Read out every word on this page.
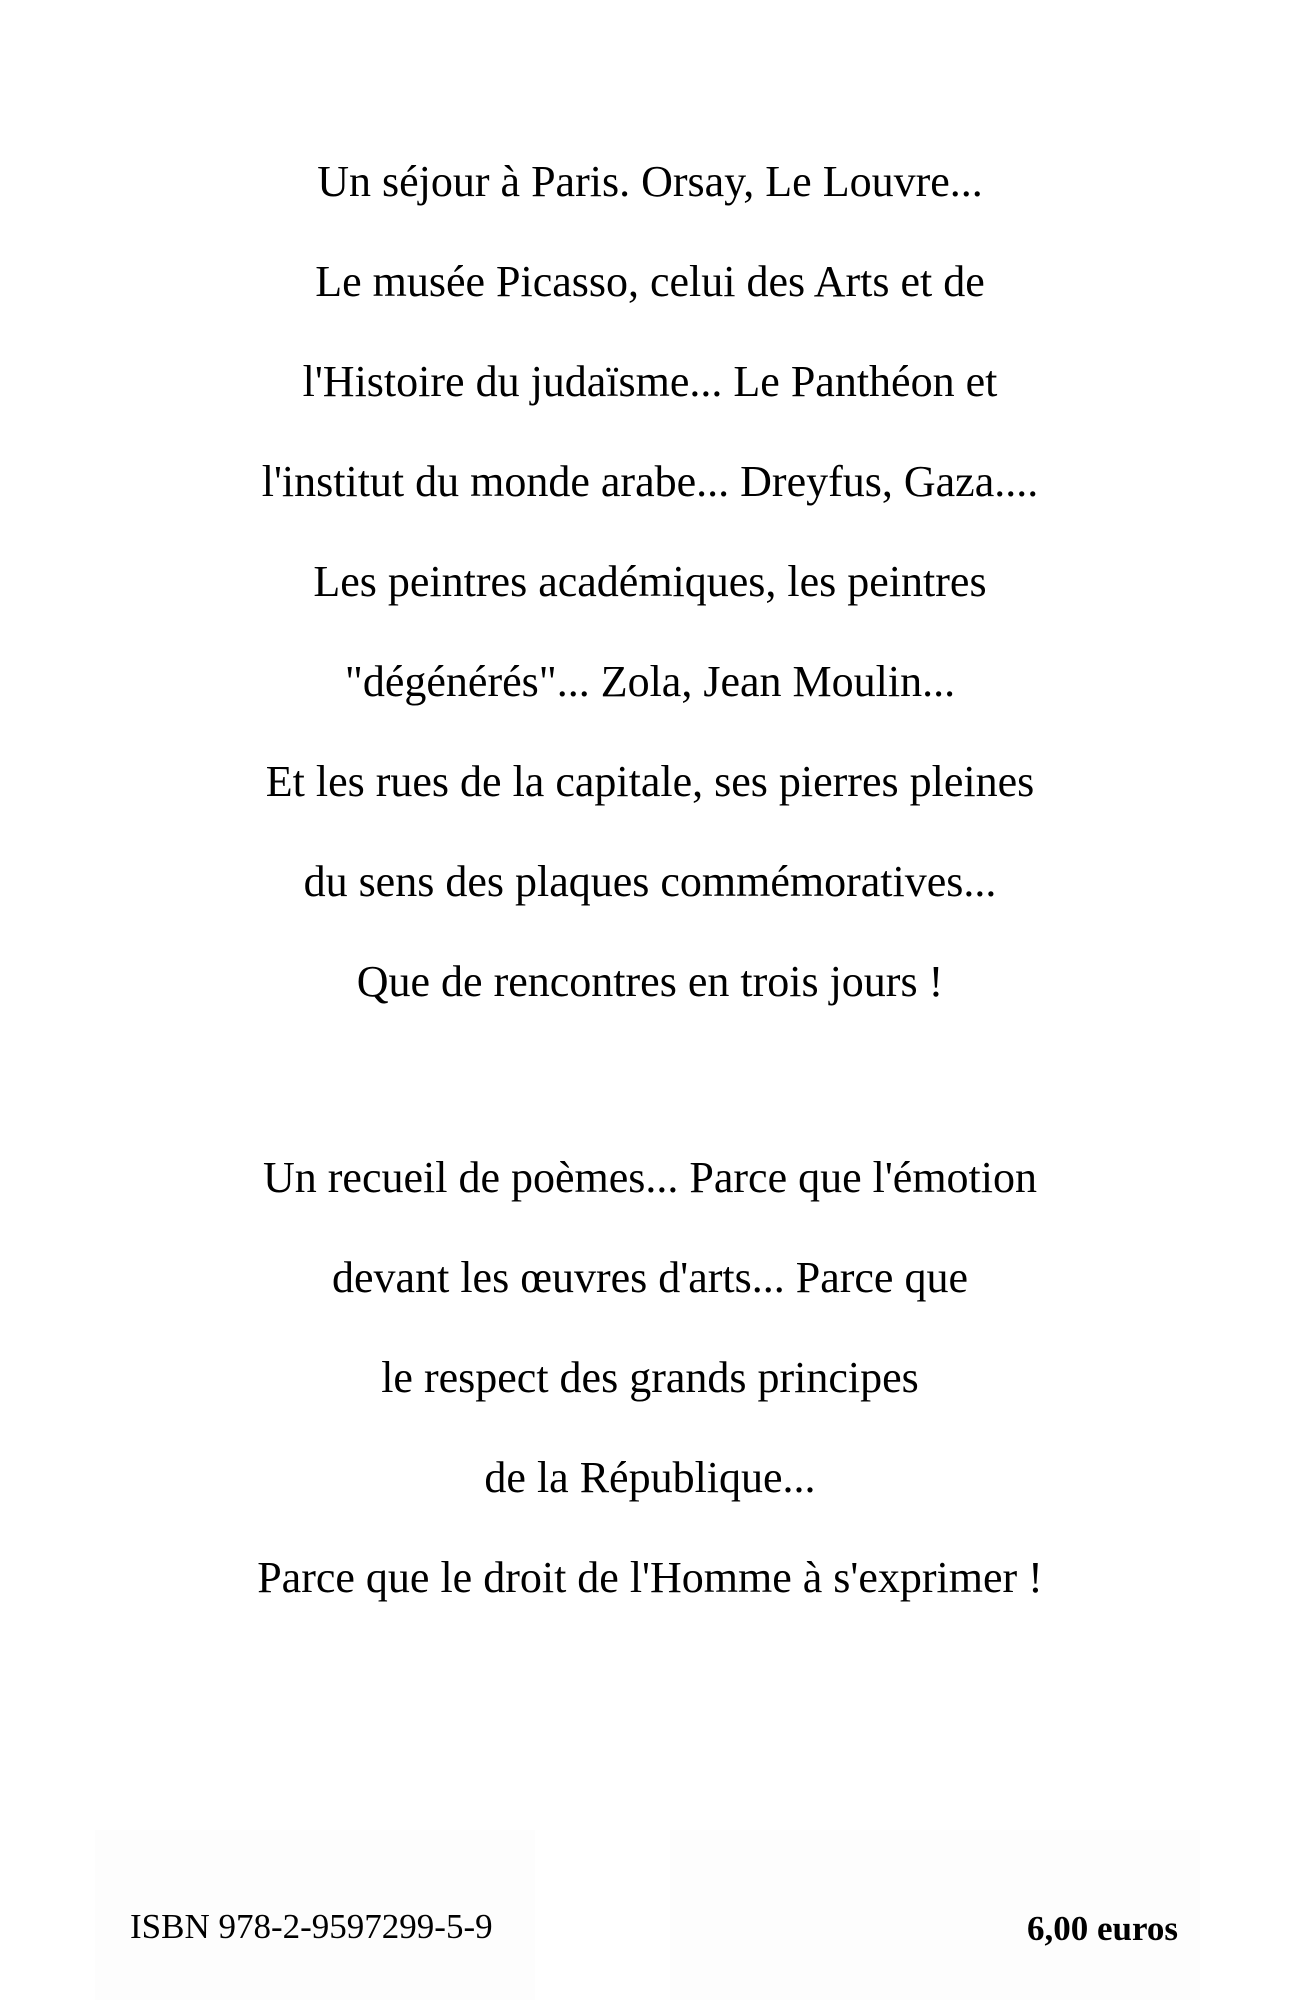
Un séjour à Paris. Orsay, Le Louvre...
Le musée Picasso, celui des Arts et de
l'Histoire du judaïsme... Le Panthéon et
l'institut du monde arabe... Dreyfus, Gaza....
Les peintres académiques, les peintres
"dégénérés"... Zola, Jean Moulin...
Et les rues de la capitale, ses pierres pleines
du sens des plaques commémoratives...
Que de rencontres en trois jours !
Un recueil de poèmes... Parce que l'émotion
devant les œuvres d'arts... Parce que
le respect des grands principes
de la République...
Parce que le droit de l'Homme à s'exprimer !
ISBN 978-2-9597299-5-9	6,00 euros
